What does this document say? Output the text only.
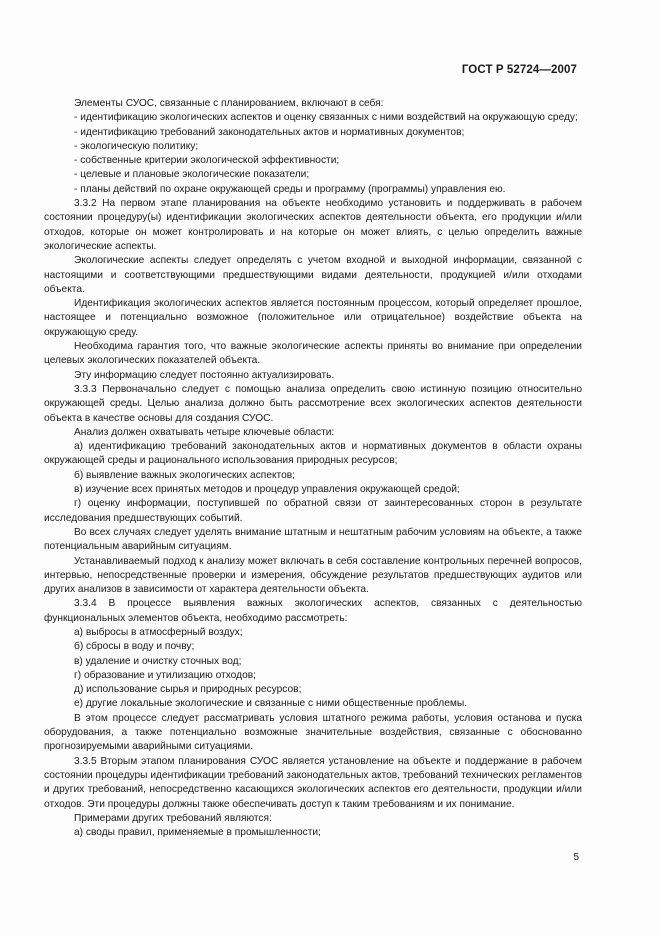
ГОСТ Р 52724—2007

Элементы СУОС, связанные с планированием, включают в себя:

- идентификацию экологических аспектов и оценку связанных с ними воздействий на окружающую среду;

- идентификацию требований законодательных актов и нормативных документов;

- экологическую политику;

- собственные критерии экологической эффективности;

- целевые и плановые экологические показатели;

- планы действий по охране окружающей среды и программу (программы) управления ею.

3.3.2 На первом этапе планирования на объекте необходимо установить и поддерживать в рабочем состоянии процедуру(ы) идентификации экологических аспектов деятельности объекта, его продукции и/или отходов, которые он может контролировать и на которые он может влиять, с целью определить важные экологические аспекты.

Экологические аспекты следует определять с учетом входной и выходной информации, связанной с настоящими и соответствующими предшествующими видами деятельности, продукцией и/или отходами объекта.

Идентификация экологических аспектов является постоянным процессом, который определяет прошлое, настоящее и потенциально возможное (положительное или отрицательное) воздействие объекта на окружающую среду.

Необходима гарантия того, что важные экологические аспекты приняты во внимание при определении целевых экологических показателей объекта.

Эту информацию следует постоянно актуализировать.

3.3.3 Первоначально следует с помощью анализа определить свою истинную позицию относительно окружающей среды. Целью анализа должно быть рассмотрение всех экологических аспектов деятельности объекта в качестве основы для создания СУОС.

Анализ должен охватывать четыре ключевые области:

а) идентификацию требований законодательных актов и нормативных документов в области охраны окружающей среды и рационального использования природных ресурсов;

б) выявление важных экологических аспектов;

в) изучение всех принятых методов и процедур управления окружающей средой;

г) оценку информации, поступившей по обратной связи от заинтересованных сторон в результате исследования предшествующих событий.

Во всех случаях следует уделять внимание штатным и нештатным рабочим условиям на объекте, а также потенциальным аварийным ситуациям.

Устанавливаемый подход к анализу может включать в себя составление контрольных перечней вопросов, интервью, непосредственные проверки и измерения, обсуждение результатов предшествующих аудитов или других анализов в зависимости от характера деятельности объекта.

3.3.4 В процессе выявления важных экологических аспектов, связанных с деятельностью функциональных элементов объекта, необходимо рассмотреть:

а) выбросы в атмосферный воздух;

б) сбросы в воду и почву;

в) удаление и очистку сточных вод;

г) образование и утилизацию отходов;

д) использование сырья и природных ресурсов;

е) другие локальные экологические и связанные с ними общественные проблемы.

В этом процессе следует рассматривать условия штатного режима работы, условия останова и пуска оборудования, а также потенциально возможные значительные воздействия, связанные с обоснованно прогнозируемыми аварийными ситуациями.

3.3.5 Вторым этапом планирования СУОС является установление на объекте и поддержание в рабочем состоянии процедуры идентификации требований законодательных актов, требований технических регламентов и других требований, непосредственно касающихся экологических аспектов его деятельности, продукции и/или отходов. Эти процедуры должны также обеспечивать доступ к таким требованиям и их понимание.

Примерами других требований являются:

а) своды правил, применяемые в промышленности;

5
